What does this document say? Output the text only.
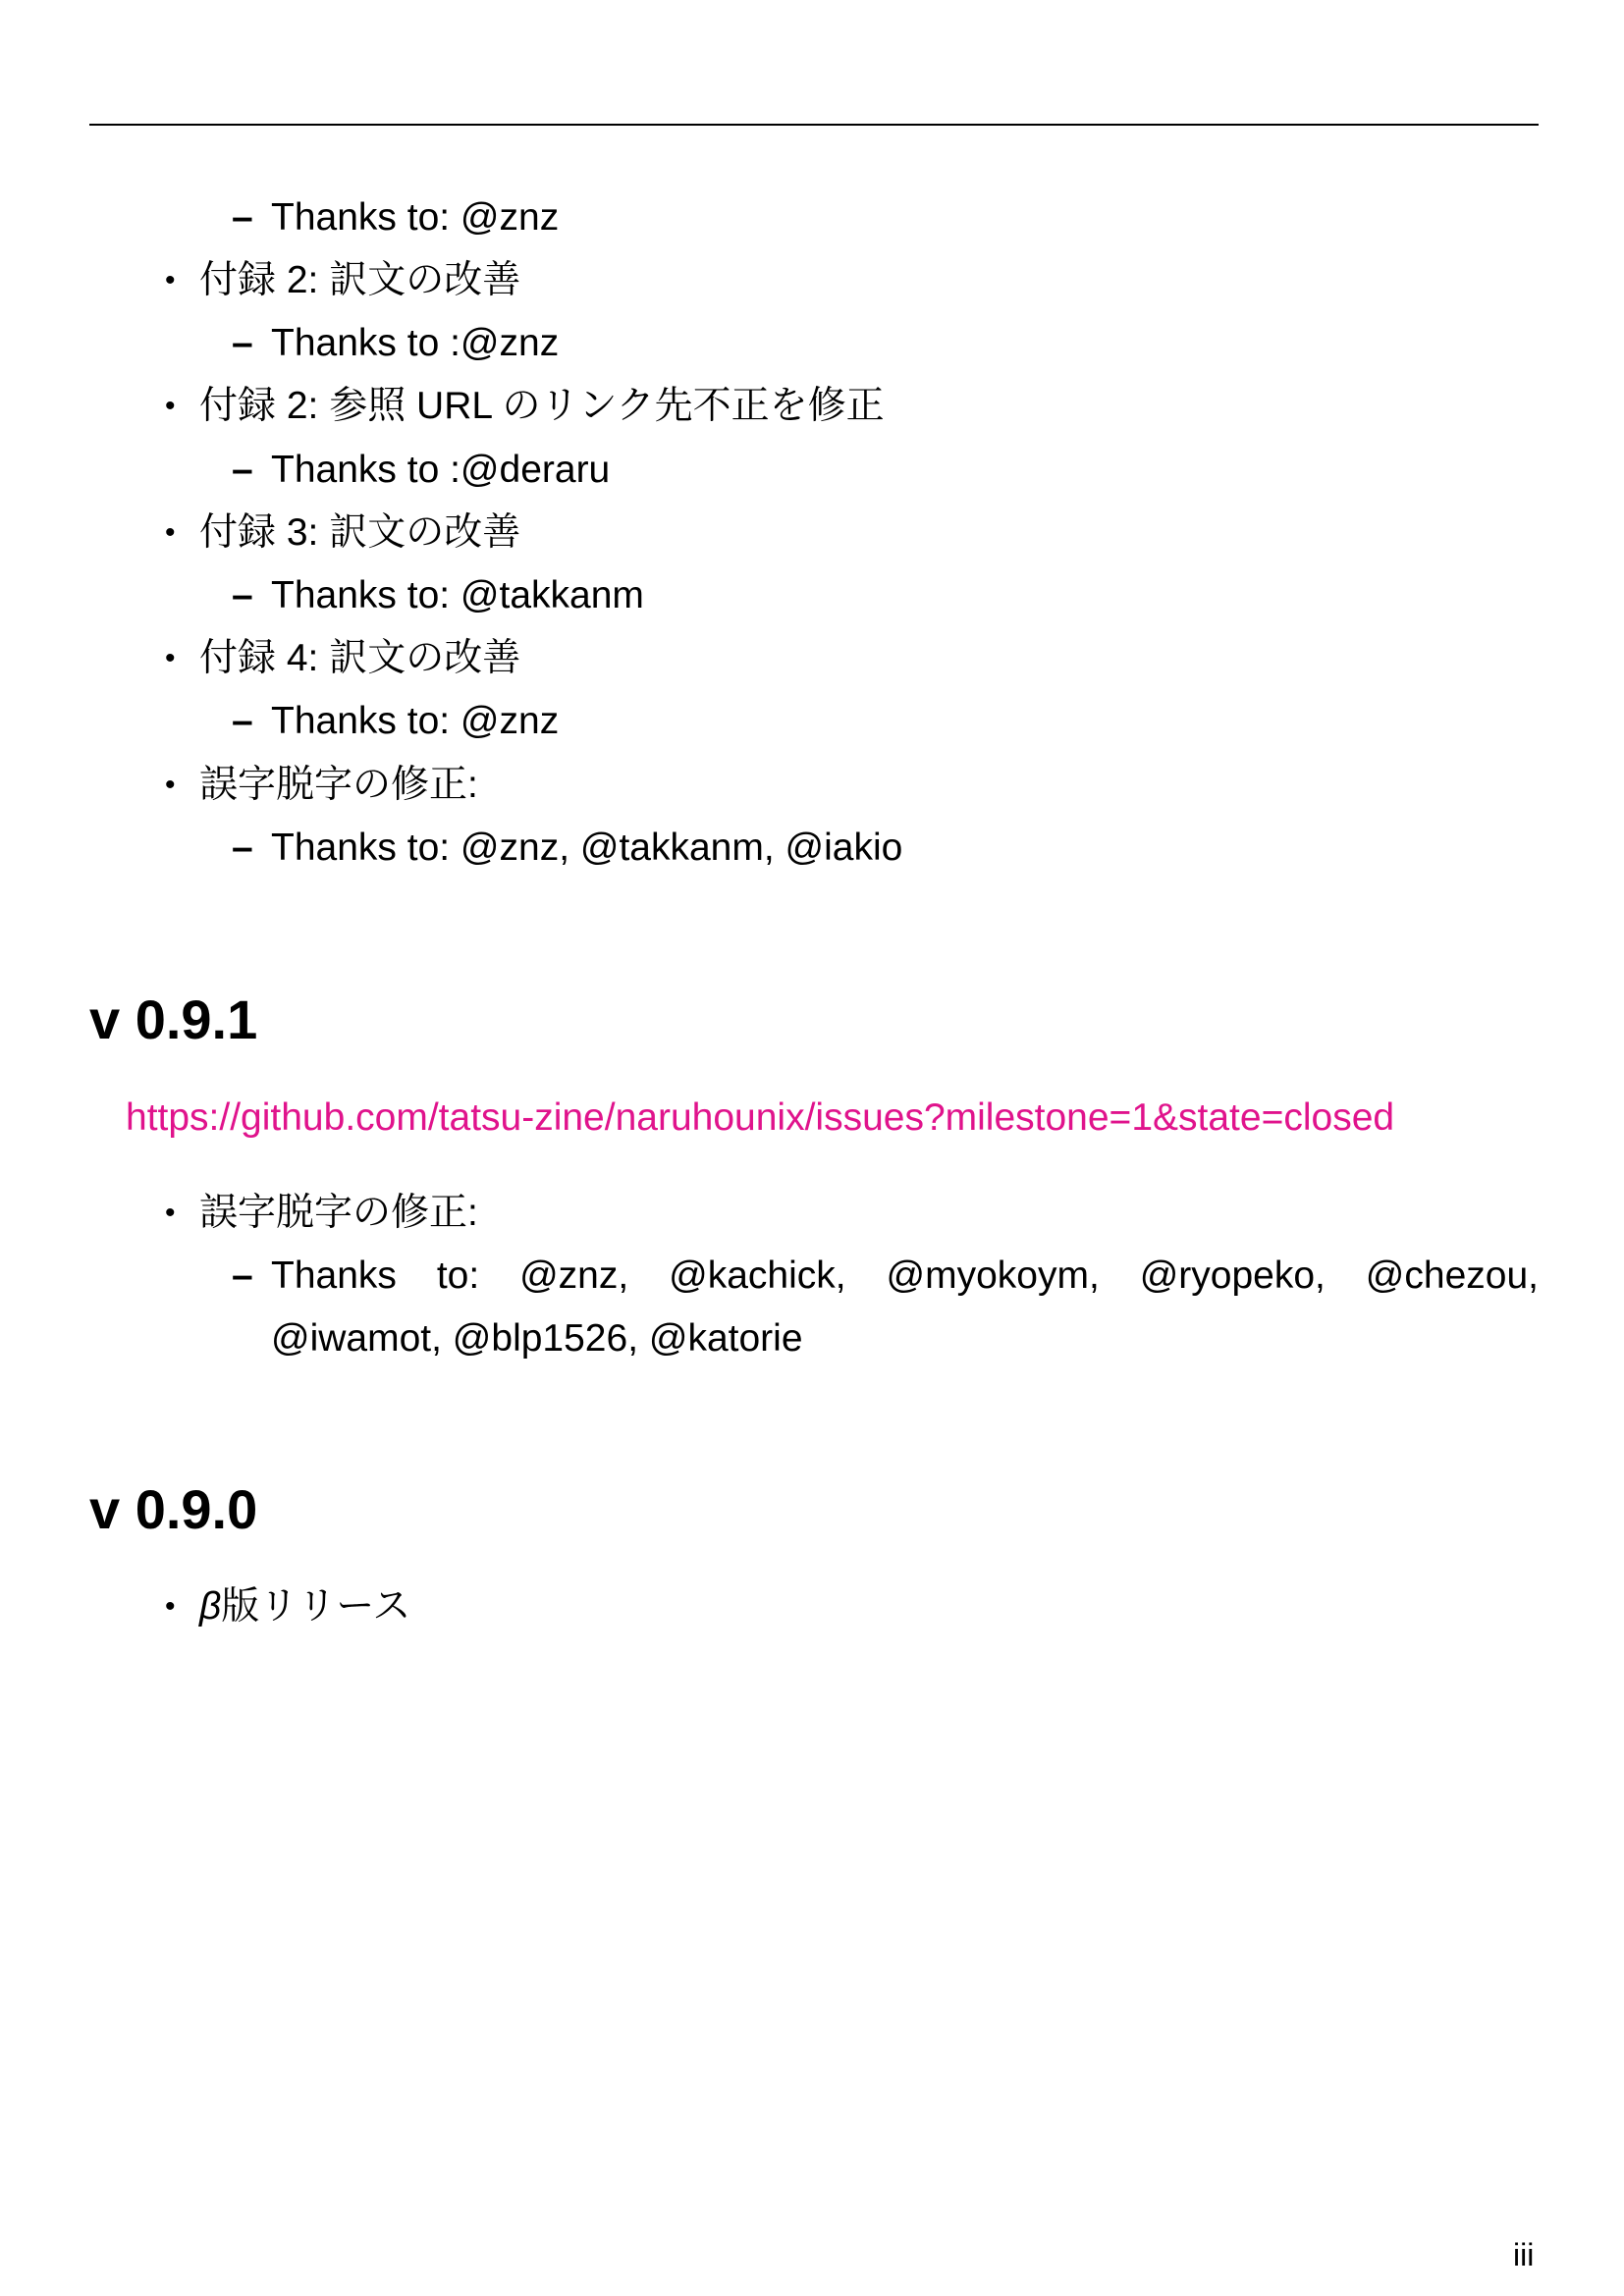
– Thanks to: @znz
• 付録 2: 訳文の改善
– Thanks to :@znz
• 付録 2: 参照 URL のリンク先不正を修正
– Thanks to :@deraru
• 付録 3: 訳文の改善
– Thanks to: @takkanm
• 付録 4: 訳文の改善
– Thanks to: @znz
• 誤字脱字の修正:
– Thanks to: @znz, @takkanm, @iakio
v 0.9.1
https://github.com/tatsu-zine/naruhounix/issues?milestone=1&state=closed
• 誤字脱字の修正:
– Thanks to: @znz, @kachick, @myokoym, @ryopeko, @chezou,
@iwamot, @blp1526, @katorie
v 0.9.0
• β版リリース
iii
